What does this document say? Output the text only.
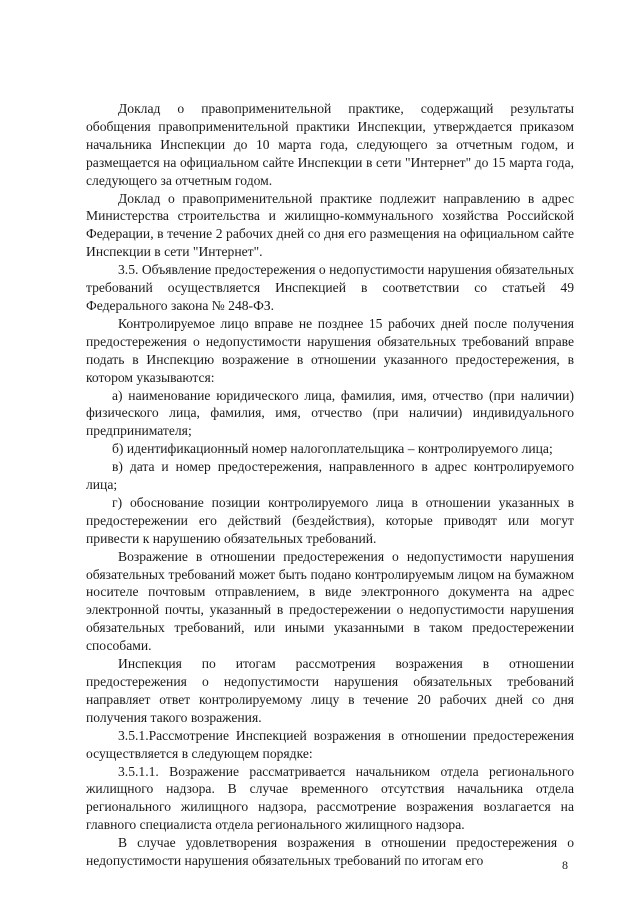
Доклад о правоприменительной практике, содержащий результаты обобщения правоприменительной практики Инспекции, утверждается приказом начальника Инспекции до 10 марта года, следующего за отчетным годом, и размещается на официальном сайте Инспекции в сети "Интернет" до 15 марта года, следующего за отчетным годом.

Доклад о правоприменительной практике подлежит направлению в адрес Министерства строительства и жилищно-коммунального хозяйства Российской Федерации, в течение 2 рабочих дней со дня его размещения на официальном сайте Инспекции в сети "Интернет".

3.5. Объявление предостережения о недопустимости нарушения обязательных требований осуществляется Инспекцией в соответствии со статьей 49 Федерального закона № 248-ФЗ.

Контролируемое лицо вправе не позднее 15 рабочих дней после получения предостережения о недопустимости нарушения обязательных требований вправе подать в Инспекцию возражение в отношении указанного предостережения, в котором указываются:

а) наименование юридического лица, фамилия, имя, отчество (при наличии) физического лица, фамилия, имя, отчество (при наличии) индивидуального предпринимателя;

б) идентификационный номер налогоплательщика – контролируемого лица;

в) дата и номер предостережения, направленного в адрес контролируемого лица;

г) обоснование позиции контролируемого лица в отношении указанных в предостережении его действий (бездействия), которые приводят или могут привести к нарушению обязательных требований.

Возражение в отношении предостережения о недопустимости нарушения обязательных требований может быть подано контролируемым лицом на бумажном носителе почтовым отправлением, в виде электронного документа на адрес электронной почты, указанный в предостережении о недопустимости нарушения обязательных требований, или иными указанными в таком предостережении способами.

Инспекция по итогам рассмотрения возражения в отношении предостережения о недопустимости нарушения обязательных требований направляет ответ контролируемому лицу в течение 20 рабочих дней со дня получения такого возражения.

3.5.1.Рассмотрение Инспекцией возражения в отношении предостережения осуществляется в следующем порядке:

3.5.1.1. Возражение рассматривается начальником отдела регионального жилищного надзора. В случае временного отсутствия начальника отдела регионального жилищного надзора, рассмотрение возражения возлагается на главного специалиста отдела регионального жилищного надзора.

В случае удовлетворения возражения в отношении предостережения о недопустимости нарушения обязательных требований по итогам его	8
